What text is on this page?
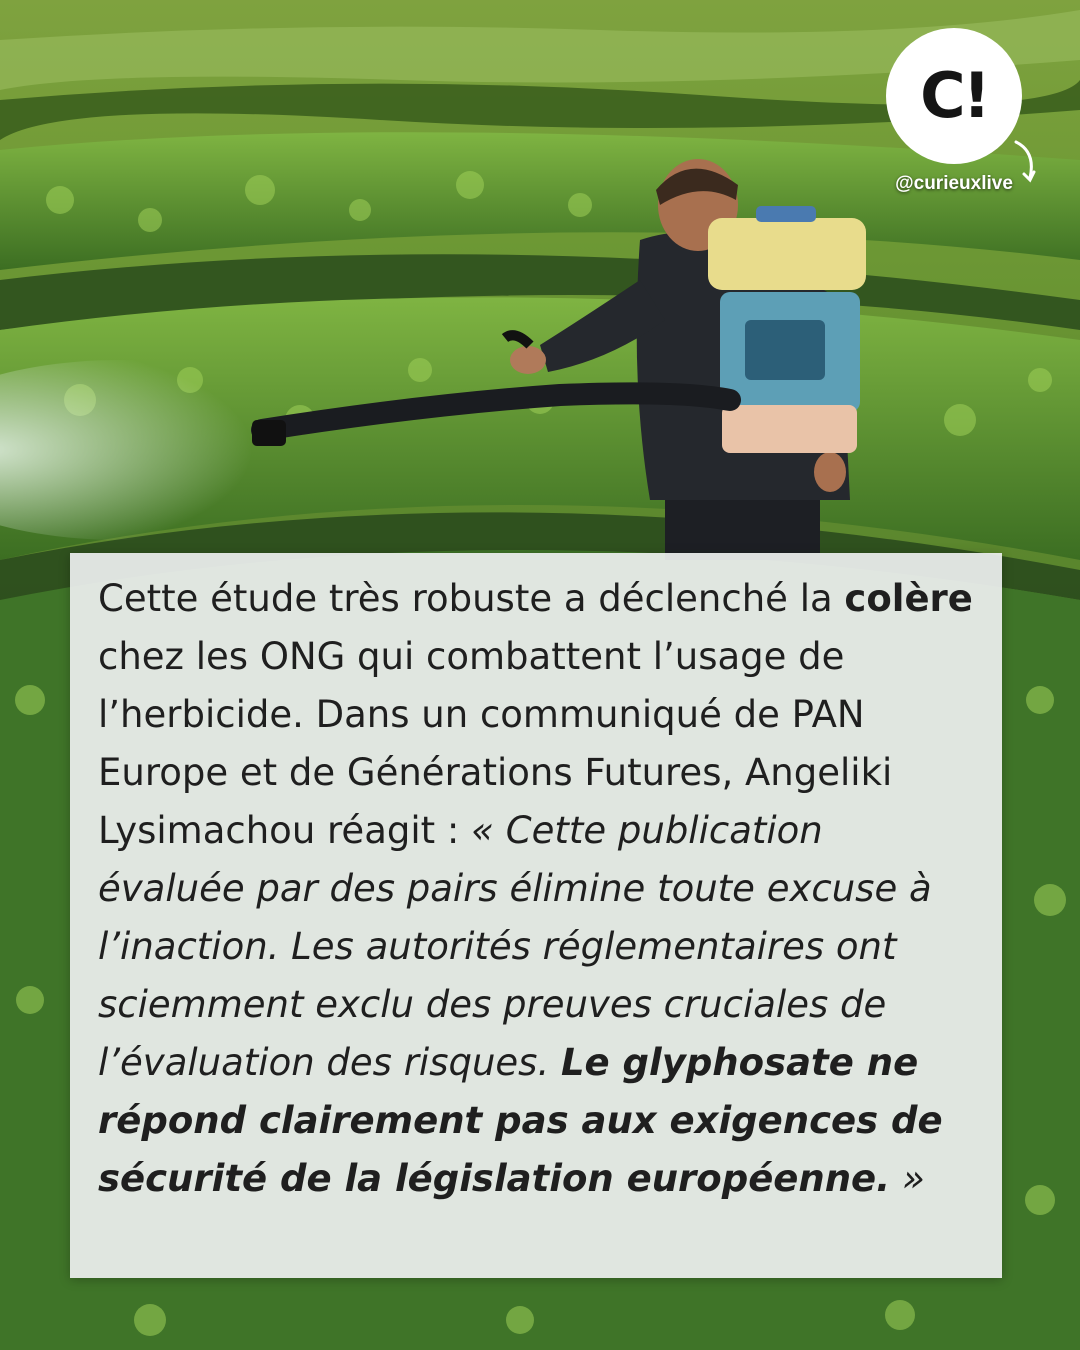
C!
@curieuxlive
Cette étude très robuste a déclenché la colère chez les ONG qui combattent l’usage de l’herbicide. Dans un communiqué de PAN Europe et de Générations Futures, Angeliki Lysimachou réagit : « Cette publication évaluée par des pairs élimine toute excuse à l’inaction. Les autorités réglementaires ont sciemment exclu des preuves cruciales de l’évaluation des risques. Le glyphosate ne répond clairement pas aux exigences de sécurité de la législation européenne. »
